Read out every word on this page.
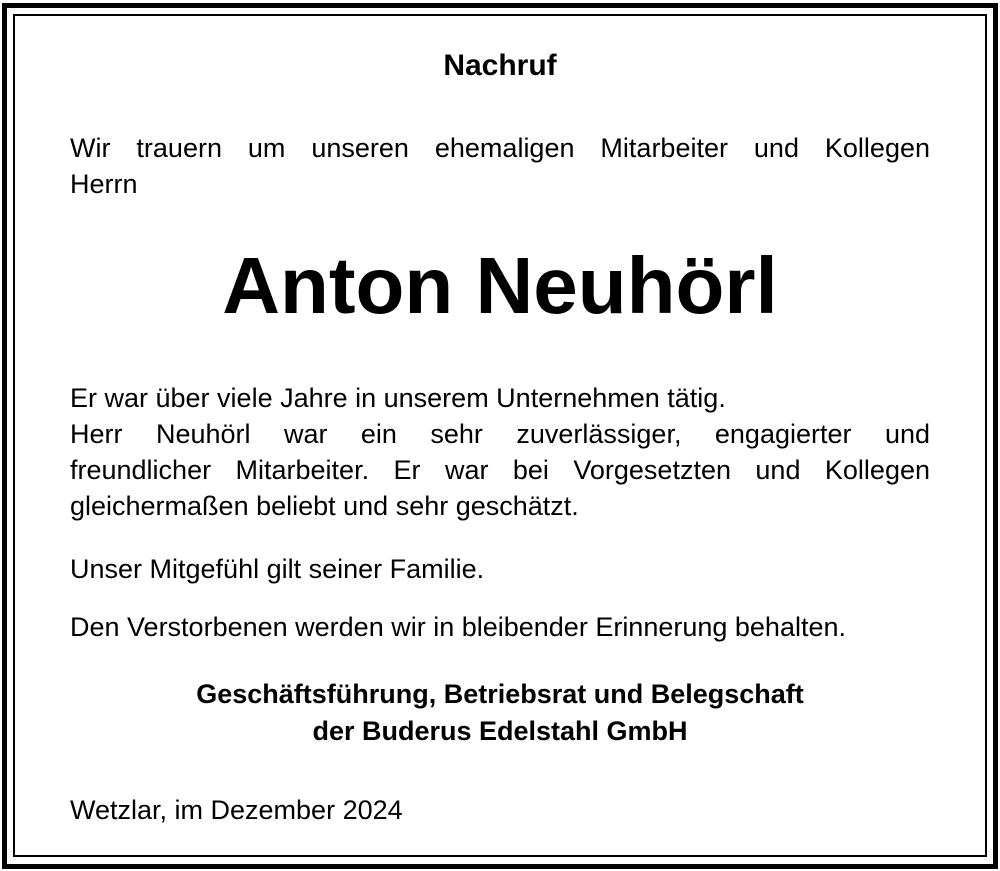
Nachruf
Wir trauern um unseren ehemaligen Mitarbeiter und Kollegen
Herrn
Anton Neuhörl
Er war über viele Jahre in unserem Unternehmen tätig.
Herr Neuhörl war ein sehr zuverlässiger, engagierter und
freundlicher Mitarbeiter. Er war bei Vorgesetzten und Kollegen
gleichermaßen beliebt und sehr geschätzt.

Unser Mitgefühl gilt seiner Familie.

Den Verstorbenen werden wir in bleibender Erinnerung behalten.

Geschäftsführung, Betriebsrat und Belegschaft
der Buderus Edelstahl GmbH

Wetzlar, im Dezember 2024
